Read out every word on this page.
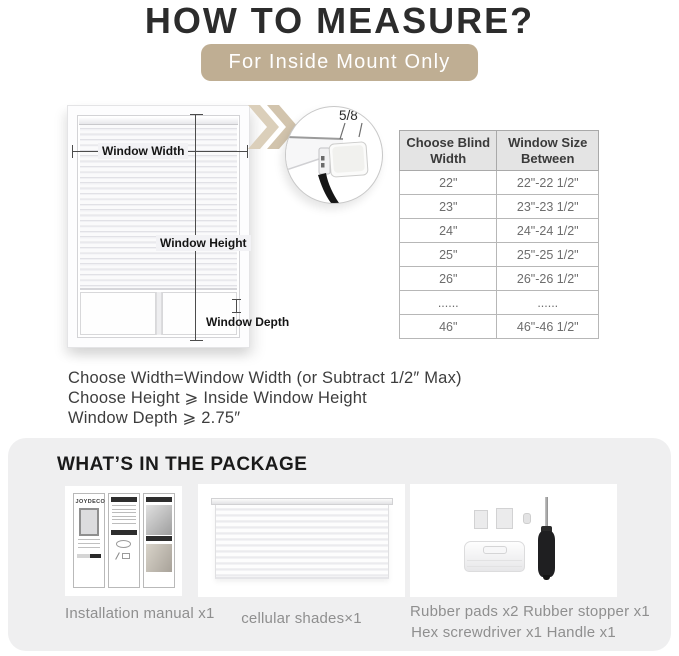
HOW TO MEASURE?
For Inside Mount Only
Window Width
Window Height
Window Depth
5/8"
Choose Blind Width	Window Size Between
22"	22"-22 1/2"
23"	23"-23 1/2"
24"	24"-24 1/2"
25"	25"-25 1/2"
26"	26"-26 1/2"
......	......
46"	46"-46 1/2"
Choose Width=Window Width (or Subtract 1/2″ Max)
Choose Height ⩾ Inside Window Height
Window Depth ⩾ 2.75″
WHAT’S IN THE PACKAGE
JOYDECO
Installation manual x1	cellular shades×1	Rubber pads x2 Rubber stopper x1
Hex screwdriver x1 Handle x1
